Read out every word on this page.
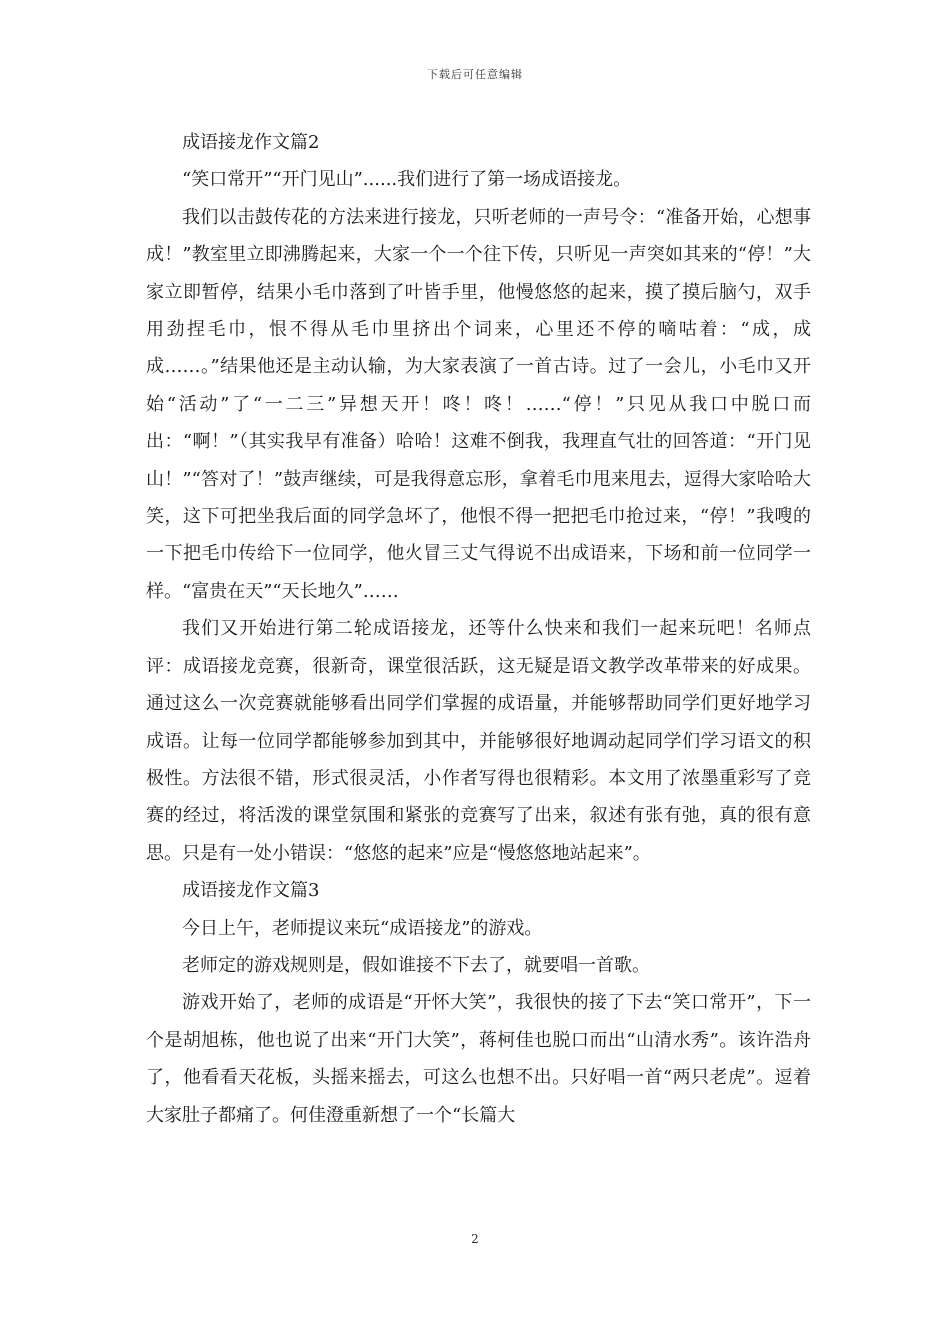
下载后可任意编辑

成语接龙作文篇2

“笑口常开”“开门见山”......我们进行了第一场成语接龙。

我们以击鼓传花的方法来进行接龙，只听老师的一声号令：“准备开始，心想事成！”教室里立即沸腾起来，大家一个一个往下传，只听见一声突如其来的“停！”大家立即暂停，结果小毛巾落到了叶皆手里，他慢悠悠的起来，摸了摸后脑勺，双手用劲捏毛巾，恨不得从毛巾里挤出个词来，心里还不停的嘀咕着：“成，成成……。”结果他还是主动认输，为大家表演了一首古诗。过了一会儿，小毛巾又开始“活动”了“一二三”异想天开！咚！咚！……“停！”只见从我口中脱口而出：“啊！”（其实我早有准备）哈哈！这难不倒我，我理直气壮的回答道：“开门见山！”“答对了！”鼓声继续，可是我得意忘形，拿着毛巾甩来甩去，逗得大家哈哈大笑，这下可把坐我后面的同学急坏了，他恨不得一把把毛巾抢过来，“停！”我嗖的一下把毛巾传给下一位同学，他火冒三丈气得说不出成语来，下场和前一位同学一样。“富贵在天”“天长地久”……

我们又开始进行第二轮成语接龙，还等什么快来和我们一起来玩吧！名师点评：成语接龙竞赛，很新奇，课堂很活跃，这无疑是语文教学改革带来的好成果。通过这么一次竞赛就能够看出同学们掌握的成语量，并能够帮助同学们更好地学习成语。让每一位同学都能够参加到其中，并能够很好地调动起同学们学习语文的积极性。方法很不错，形式很灵活，小作者写得也很精彩。本文用了浓墨重彩写了竞赛的经过，将活泼的课堂氛围和紧张的竞赛写了出来，叙述有张有弛，真的很有意思。只是有一处小错误：“悠悠的起来”应是“慢悠悠地站起来”。

成语接龙作文篇3

今日上午，老师提议来玩“成语接龙”的游戏。

老师定的游戏规则是，假如谁接不下去了，就要唱一首歌。

游戏开始了，老师的成语是“开怀大笑”，我很快的接了下去“笑口常开”，下一个是胡旭栋，他也说了出来“开门大笑”，蒋柯佳也脱口而出“山清水秀”。该许浩舟了，他看看天花板，头摇来摇去，可这么也想不出。只好唱一首“两只老虎”。逗着大家肚子都痛了。何佳澄重新想了一个“长篇大

2
